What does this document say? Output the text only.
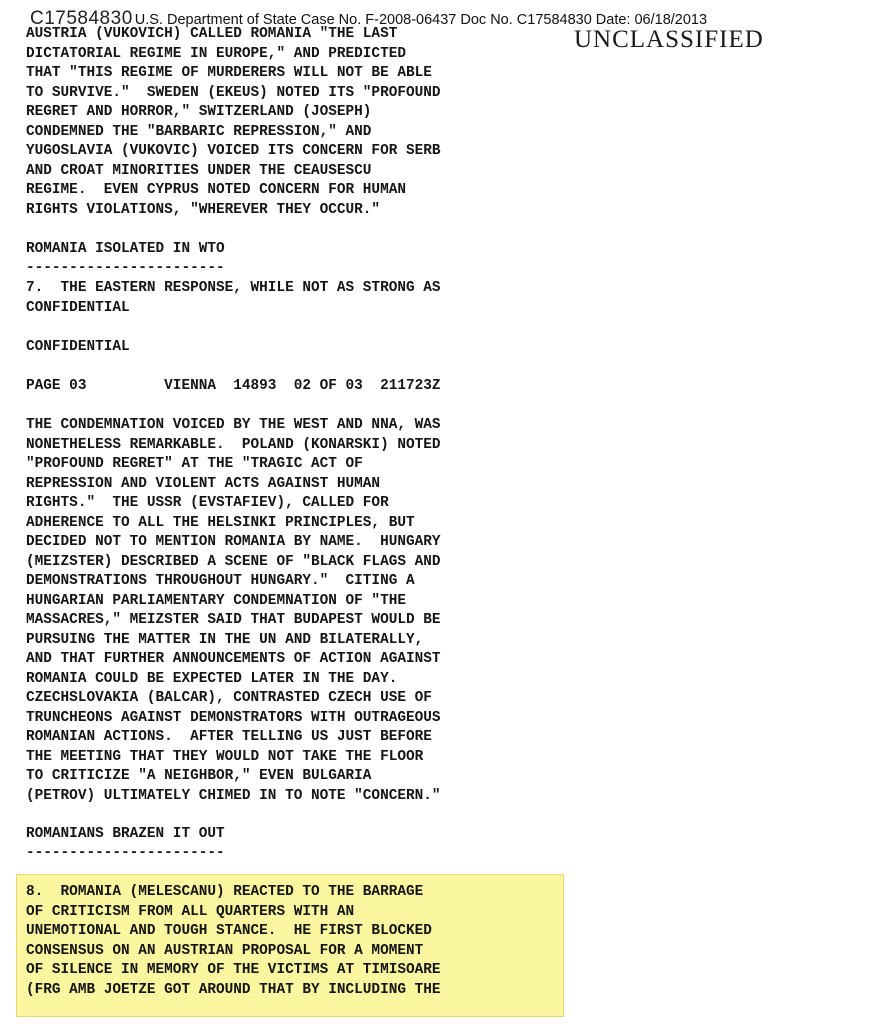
C17584830 U.S. Department of State Case No. F-2008-06437 Doc No. C17584830 Date: 06/18/2013
UNCLASSIFIED
AUSTRIA (VUKOVICH) CALLED ROMANIA "THE LAST
DICTATORIAL REGIME IN EUROPE," AND PREDICTED
THAT "THIS REGIME OF MURDERERS WILL NOT BE ABLE
TO SURVIVE."  SWEDEN (EKEUS) NOTED ITS "PROFOUND
REGRET AND HORROR," SWITZERLAND (JOSEPH)
CONDEMNED THE "BARBARIC REPRESSION," AND
YUGOSLAVIA (VUKOVIC) VOICED ITS CONCERN FOR SERB
AND CROAT MINORITIES UNDER THE CEAUSESCU
REGIME.  EVEN CYPRUS NOTED CONCERN FOR HUMAN
RIGHTS VIOLATIONS, "WHEREVER THEY OCCUR."
ROMANIA ISOLATED IN WTO
-----------------------
7.  THE EASTERN RESPONSE, WHILE NOT AS STRONG AS
CONFIDENTIAL
CONFIDENTIAL
PAGE 03         VIENNA  14893  02 OF 03  211723Z
THE CONDEMNATION VOICED BY THE WEST AND NNA, WAS
NONETHELESS REMARKABLE.  POLAND (KONARSKI) NOTED
"PROFOUND REGRET" AT THE "TRAGIC ACT OF
REPRESSION AND VIOLENT ACTS AGAINST HUMAN
RIGHTS."  THE USSR (EVSTAFIEV), CALLED FOR
ADHERENCE TO ALL THE HELSINKI PRINCIPLES, BUT
DECIDED NOT TO MENTION ROMANIA BY NAME.  HUNGARY
(MEIZSTER) DESCRIBED A SCENE OF "BLACK FLAGS AND
DEMONSTRATIONS THROUGHOUT HUNGARY."  CITING A
HUNGARIAN PARLIAMENTARY CONDEMNATION OF "THE
MASSACRES," MEIZSTER SAID THAT BUDAPEST WOULD BE
PURSUING THE MATTER IN THE UN AND BILATERALLY,
AND THAT FURTHER ANNOUNCEMENTS OF ACTION AGAINST
ROMANIA COULD BE EXPECTED LATER IN THE DAY.
CZECHSLOVAKIA (BALCAR), CONTRASTED CZECH USE OF
TRUNCHEONS AGAINST DEMONSTRATORS WITH OUTRAGEOUS
ROMANIAN ACTIONS.  AFTER TELLING US JUST BEFORE
THE MEETING THAT THEY WOULD NOT TAKE THE FLOOR
TO CRITICIZE "A NEIGHBOR," EVEN BULGARIA
(PETROV) ULTIMATELY CHIMED IN TO NOTE "CONCERN."
ROMANIANS BRAZEN IT OUT
-----------------------
8.  ROMANIA (MELESCANU) REACTED TO THE BARRAGE
OF CRITICISM FROM ALL QUARTERS WITH AN
UNEMOTIONAL AND TOUGH STANCE.  HE FIRST BLOCKED
CONSENSUS ON AN AUSTRIAN PROPOSAL FOR A MOMENT
OF SILENCE IN MEMORY OF THE VICTIMS AT TIMISOARE
(FRG AMB JOETZE GOT AROUND THAT BY INCLUDING THE
